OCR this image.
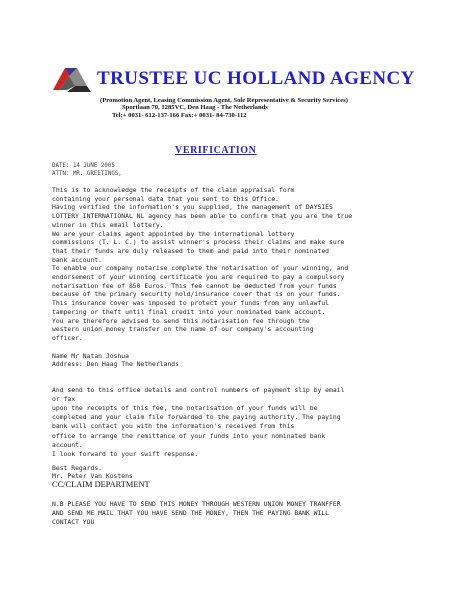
TRUSTEE UC HOLLAND AGENCY
(Promotion Agent, Leasing Commission Agent, Sole Representative & Security Services)
Sportlaan 70, 1285VC, Den Haag - The Netherlands
Tel:+ 0031- 612-137-166 Fax:+ 0031- 84-730-112
VERIFICATION
DATE: 14 JUNE 2005
ATTN: MR. GREETINGS,
This is to acknowledge the receipts of the claim appraisal form
containing your personal data that you sent to this Office.
Having verified the information's you supplied, the management of DAYSIES
LOTTERY INTERNATIONAL NL agency has been able to confirm that you are the true
winner in this email lottery.
We are your claims agent appointed by the international lottery
commissions (T. L. C.) to assist winner's process their claims and make sure
that their funds are duly released to them and paid into their nominated
bank account.
To enable our company notarise complete the notarisation of your winning, and
endorsement of your winning certificate you are required to pay a compulsory
notarisation fee of 850 Euros. This fee cannot be deducted from your funds
because of the primary security hold/insurance cover that is on your funds.
This insurance cover was imposed to protect your funds from any unlawful
tampering or theft until final credit into your nominated bank account.
You are therefore advised to send this notarisation fee through the
western union money transfer on the name of our company's accounting
officer.
Name Mr Natan Joshua
Address: Den Haag The Netherlands
And send to this office details and control numbers of payment slip by email
or fax
upon the receipts of this fee, the notarisation of your funds will be
completed and your claim file forwarded to the paying authority. The paying
bank will contact you with the information's received from this
office to arrange the remittance of your funds into your nominated bank
account.
I look forward to your swift response.
Best Regards.
Mr. Peter Van Kostens
N.B PLEASE YOU HAVE TO SEND THIS MONEY THROUGH WESTERN UNION MONEY TRANFFER
AND SEND ME MAIL THAT YOU HAVE SEND THE MONEY, THEN THE PAYING BANK WILL
CONTACT YOU
CC/CLAIM DEPARTMENT
